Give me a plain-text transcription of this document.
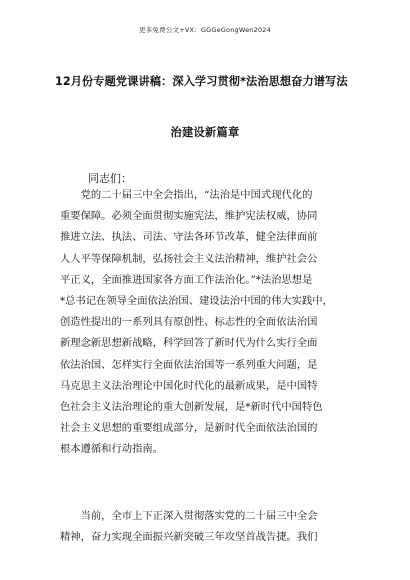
更多免费公文+VX：GGGeGongWen2024
12月份专题党课讲稿：深入学习贯彻*法治思想奋力谱写法
治建设新篇章
同志们：
　　党的二十届三中全会指出，“法治是中国式现代化的
重要保障。必须全面贯彻实施宪法，维护宪法权威，协同
推进立法、执法、司法、守法各环节改革，健全法律面前
人人平等保障机制，弘扬社会主义法治精神，维护社会公
平正义，全面推进国家各方面工作法治化。”*法治思想是
*总书记在领导全面依法治国、建设法治中国的伟大实践中，
创造性提出的一系列具有原创性、标志性的全面依法治国
新理念新思想新战略，科学回答了新时代为什么实行全面
依法治国、怎样实行全面依法治国等一系列重大问题，是
马克思主义法治理论中国化时代化的最新成果，是中国特
色社会主义法治理论的重大创新发展，是*新时代中国特色
社会主义思想的重要组成部分，是新时代全面依法治国的
根本遵循和行动指南。
　　当前，全市上下正深入贯彻落实党的二十届三中全会
精神，奋力实现全面振兴新突破三年攻坚首战告捷。我们
